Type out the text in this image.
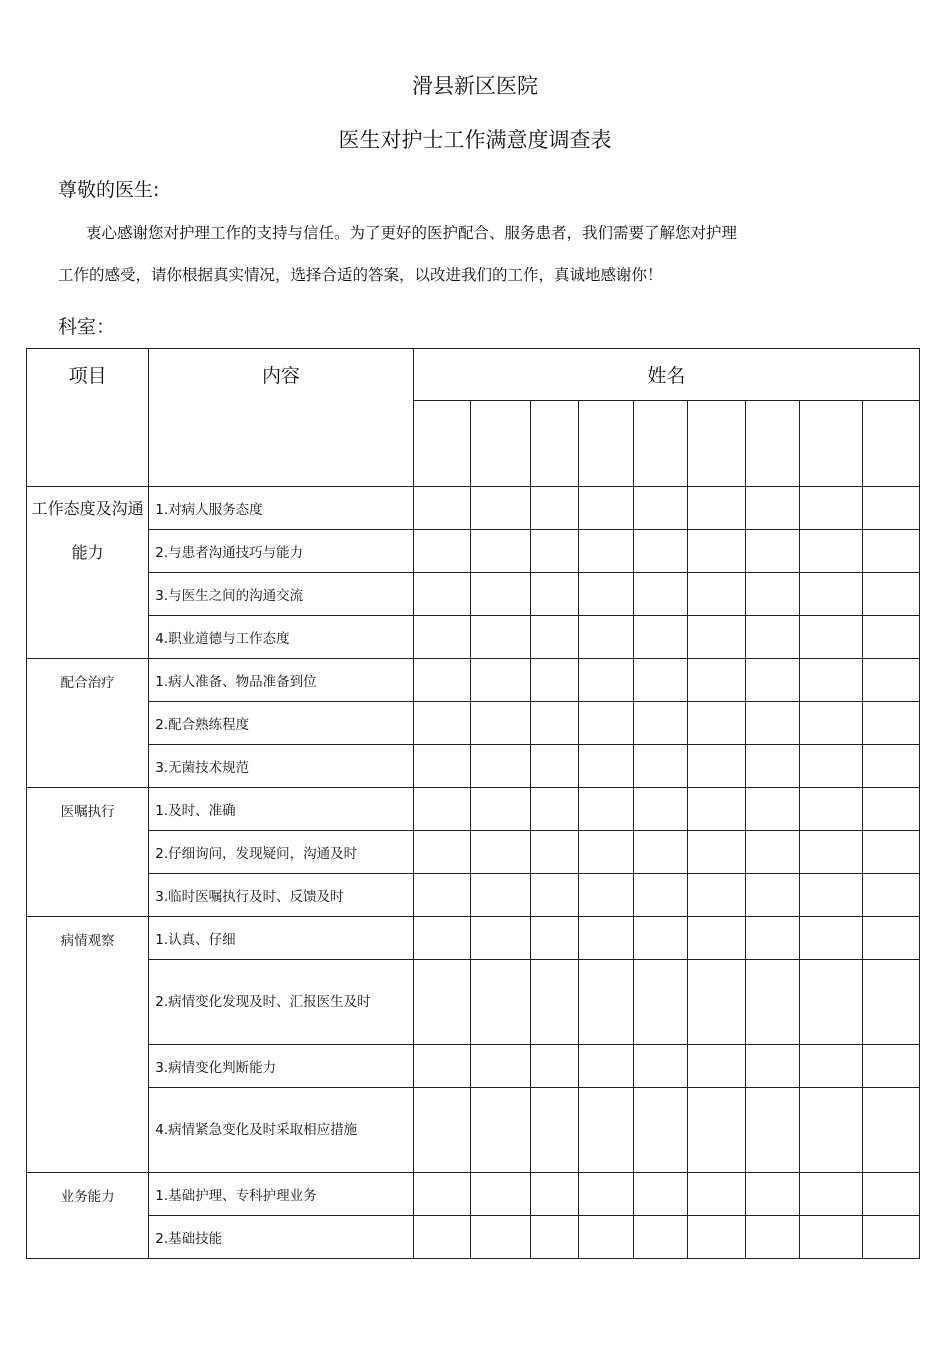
滑县新区医院
医生对护士工作满意度调查表
尊敬的医生:
衷心感谢您对护理工作的支持与信任。为了更好的医护配合、服务患者，我们需要了解您对护理
工作的感受，请你根据真实情况，选择合适的答案，以改进我们的工作，真诚地感谢你！
科室：
项目	内容	姓名								

工作态度及沟通能力	1.对病人服务态度									
	2.与患者沟通技巧与能力									
	3.与医生之间的沟通交流									
	4.职业道德与工作态度									
配合治疗	1.病人准备、物品准备到位									
	2.配合熟练程度									
	3.无菌技术规范									
医嘱执行	1.及时、准确									
	2.仔细询问，发现疑问，沟通及时									
	3.临时医嘱执行及时、反馈及时									
病情观察	1.认真、仔细									
	2.病情变化发现及时、汇报医生及时									
	3.病情变化判断能力									
	4.病情紧急变化及时采取相应措施									
业务能力	1.基础护理、专科护理业务									
	2.基础技能									
